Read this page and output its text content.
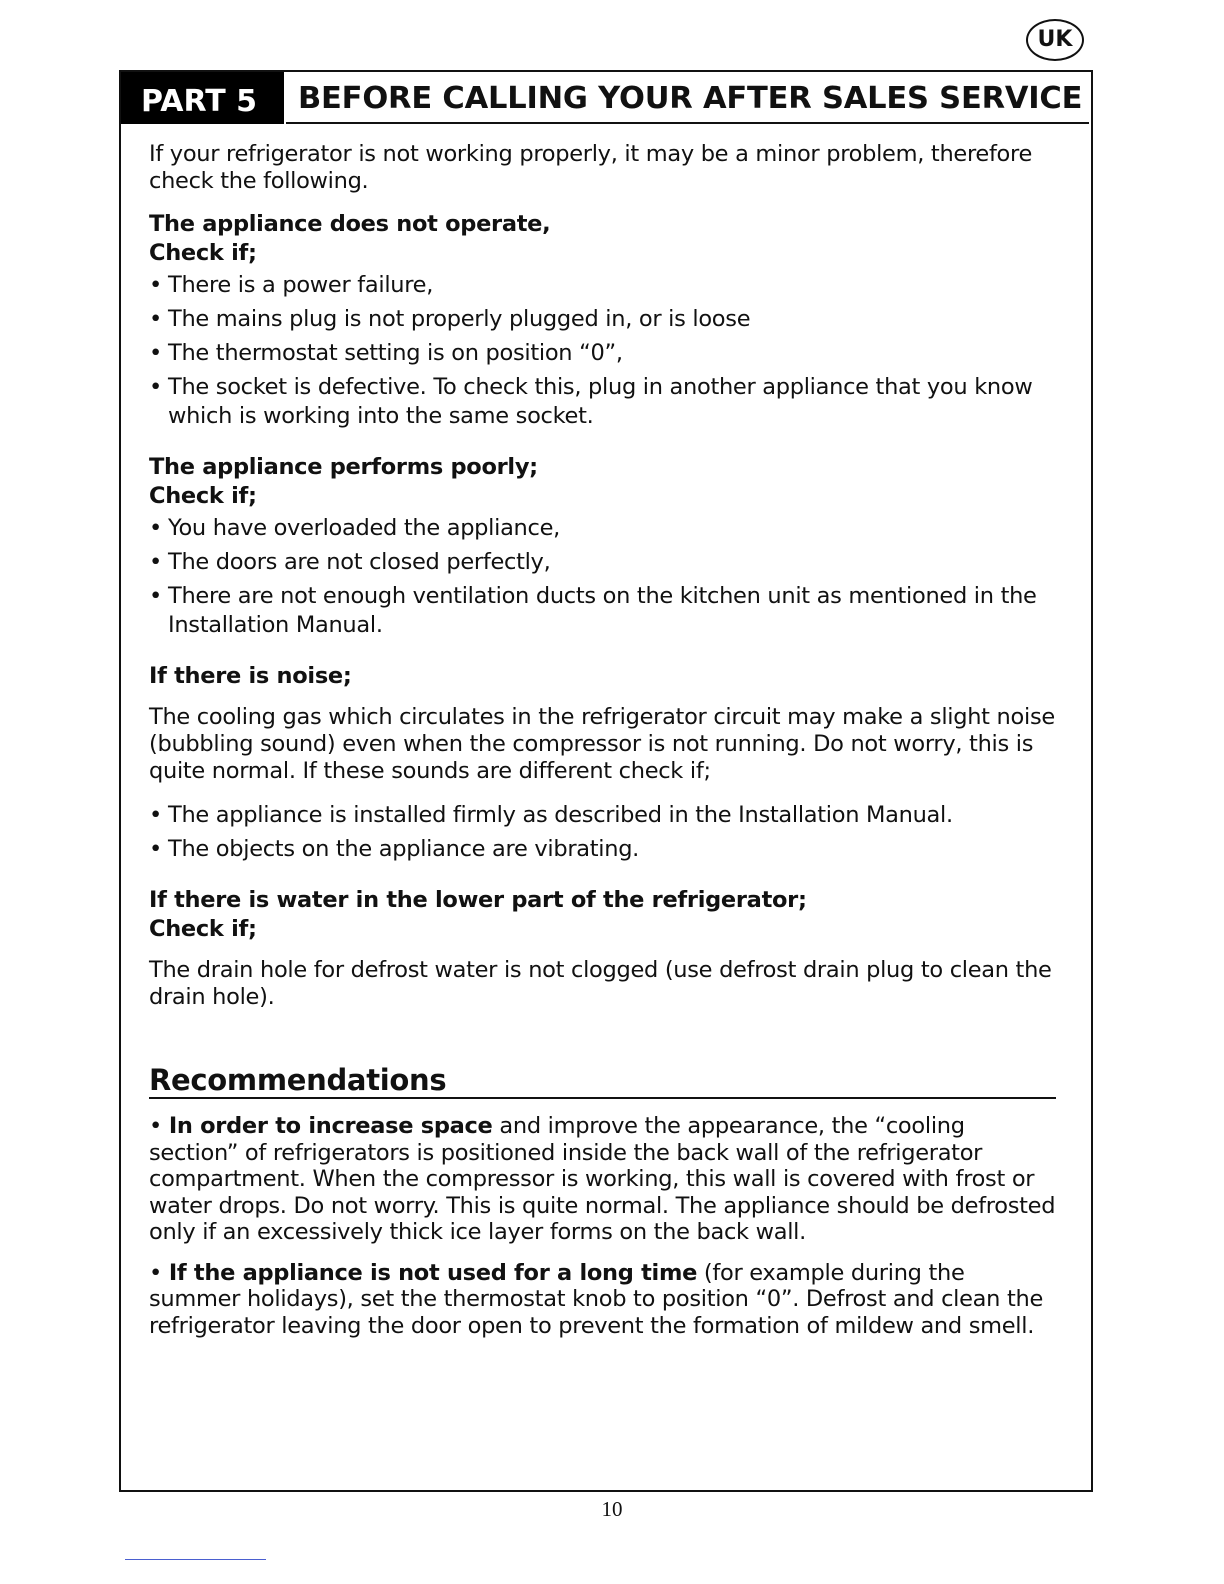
UK
PART 5	BEFORE CALLING YOUR AFTER SALES SERVICE

If your refrigerator is not working properly, it may be a minor problem, therefore check the following.

The appliance does not operate,

Check if;

• There is a power failure,
• The mains plug is not properly plugged in, or is loose
• The thermostat setting is on position “0”,
• The socket is defective. To check this, plug in another appliance that you know which is working into the same socket.

The appliance performs poorly;

Check if;

• You have overloaded the appliance,
• The doors are not closed perfectly,
• There are not enough ventilation ducts on the kitchen unit as mentioned in the Installation Manual.

If there is noise;

The cooling gas which circulates in the refrigerator circuit may make a slight noise (bubbling sound) even when the compressor is not running. Do not worry, this is quite normal. If these sounds are different check if;

• The appliance is installed firmly as described in the Installation Manual.
• The objects on the appliance are vibrating.

If there is water in the lower part of the refrigerator;

Check if;

The drain hole for defrost water is not clogged (use defrost drain plug to clean the drain hole).

Recommendations

• In order to increase space and improve the appearance, the “cooling section” of refrigerators is positioned inside the back wall of the refrigerator compartment. When the compressor is working, this wall is covered with frost or water drops. Do not worry. This is quite normal. The appliance should be defrosted only if an excessively thick ice layer forms on the back wall.

• If the appliance is not used for a long time (for example during the summer holidays), set the thermostat knob to position “0”. Defrost and clean the refrigerator leaving the door open to prevent the formation of mildew and smell.

10
